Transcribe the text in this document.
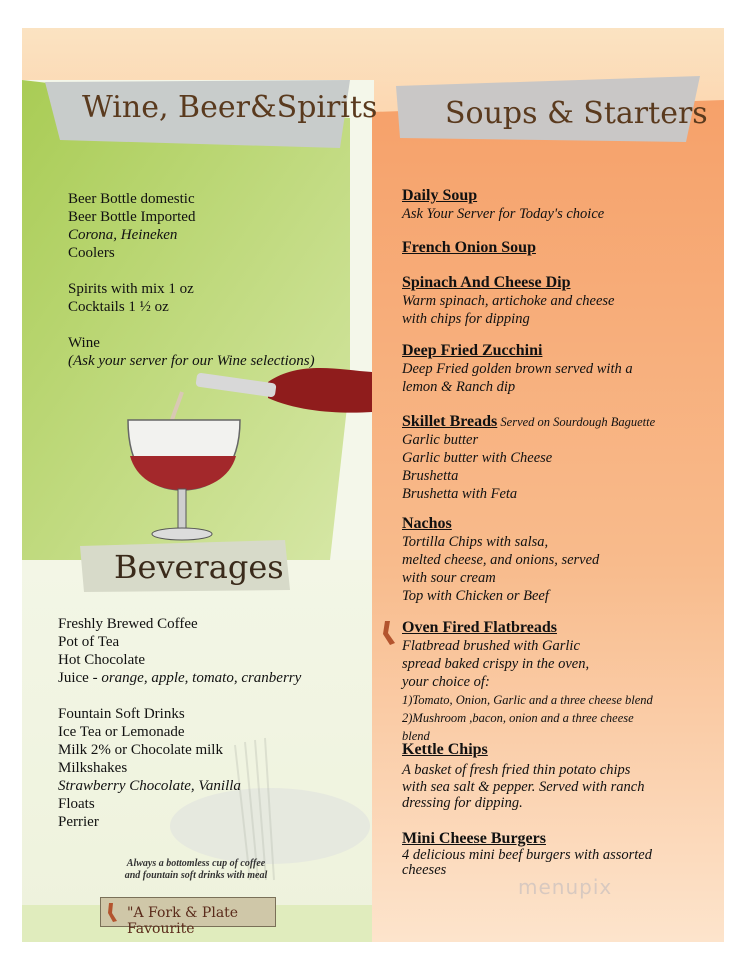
Wine, Beer&Spirits
Beer Bottle domestic
Beer Bottle Imported
Corona, Heineken
Coolers
Spirits with mix 1 oz
Cocktails 1 ½ oz
Wine
(Ask your server for our Wine selections)
Beverages
Freshly Brewed Coffee
Pot of Tea
Hot Chocolate
Juice - orange, apple, tomato, cranberry
Fountain Soft Drinks
Ice Tea or Lemonade
Milk 2% or Chocolate milk
Milkshakes
Strawberry Chocolate, Vanilla
Floats
Perrier
Always a bottomless cup of coffee
and fountain soft drinks with meal
"A Fork & Plate Favourite
Soups & Starters
Daily Soup
Ask Your Server for Today's choice
French Onion Soup
Spinach And Cheese Dip
Warm spinach, artichoke and cheese
with chips for dipping
Deep Fried Zucchini
Deep Fried golden brown served with a
lemon & Ranch dip
Skillet Breads Served on Sourdough Baguette
Garlic butter
Garlic butter with Cheese
Brushetta
Brushetta with Feta
Nachos
Tortilla Chips with salsa,
melted cheese, and onions, served
with sour cream
Top with Chicken or Beef
Oven Fired Flatbreads
Flatbread brushed with Garlic
spread baked crispy in the oven,
your choice of:
1)Tomato, Onion, Garlic and a three cheese blend
2)Mushroom ,bacon, onion and a three cheese
blend
Kettle Chips
A basket of fresh fried thin potato chips
with sea salt & pepper. Served with ranch
dressing for dipping.
Mini Cheese Burgers
4 delicious mini beef burgers with assorted
cheeses
menupix
